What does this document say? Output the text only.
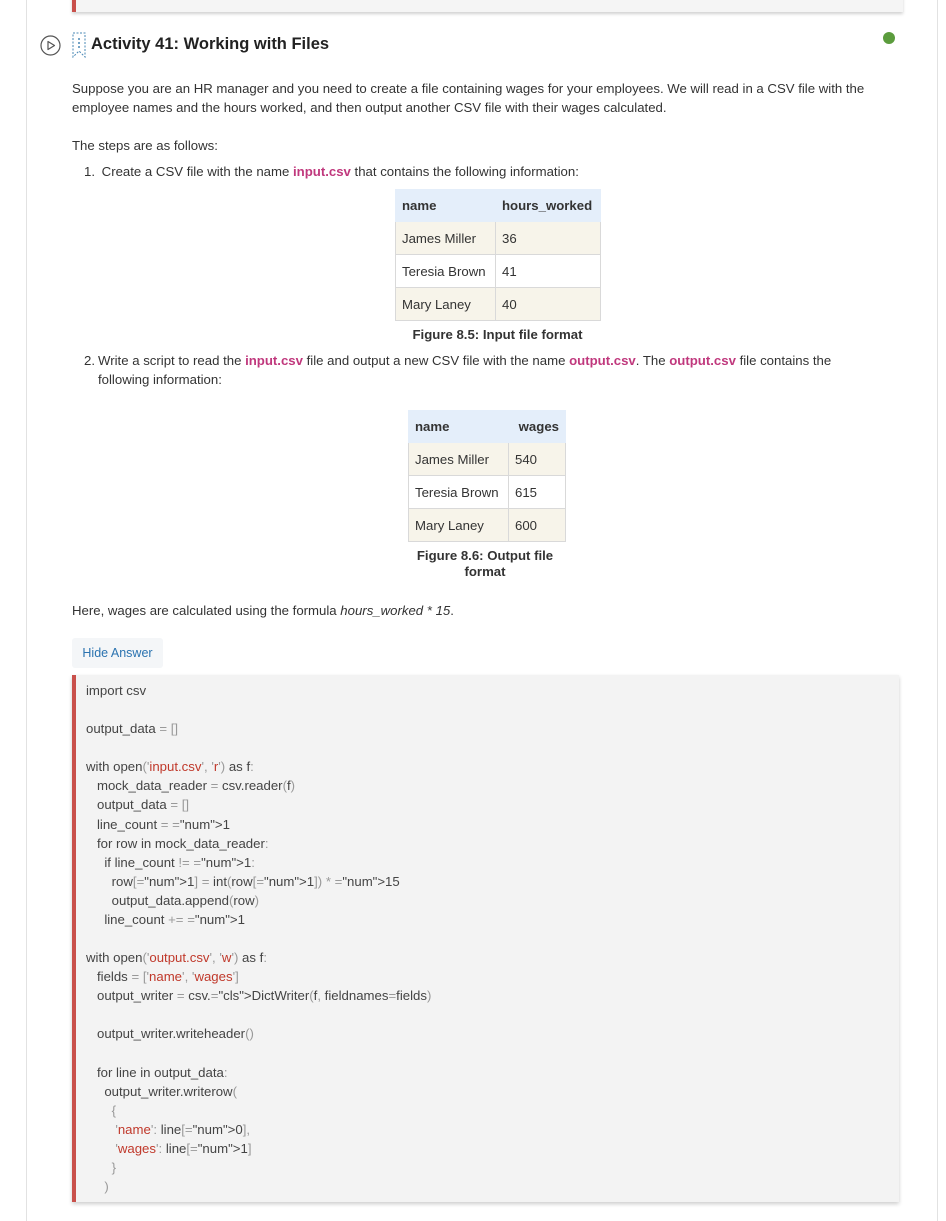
Activity 41: Working with Files
Suppose you are an HR manager and you need to create a file containing wages for your employees. We will read in a CSV file with the employee names and the hours worked, and then output another CSV file with their wages calculated.
The steps are as follows:
1. Create a CSV file with the name input.csv that contains the following information:
name	hours_worked
James Miller	36
Teresia Brown	41
Mary Laney	40
Figure 8.5: Input file format
2. Write a script to read the input.csv file and output a new CSV file with the name output.csv. The output.csv file contains the
following information:
name	wages
James Miller	540
Teresia Brown	615
Mary Laney	600
Figure 8.6: Output file
format
Here, wages are calculated using the formula hours_worked * 15.
Hide Answer
import csv
output_data = []
with open('input.csv', 'r') as f:
mock_data_reader = csv.reader(f)
output_data = []
line_count = ="num">1
for row in mock_data_reader:
if line_count != ="num">1:
row[="num">1] = int(row[="num">1]) * ="num">15
output_data.append(row)
line_count += ="num">1
with open('output.csv', 'w') as f:
fields = ['name', 'wages']
output_writer = csv.="cls">DictWriter(f, fieldnames=fields)
output_writer.writeheader()
for line in output_data:
output_writer.writerow(
{
'name': line[="num">0],
'wages': line[="num">1]
}
)
